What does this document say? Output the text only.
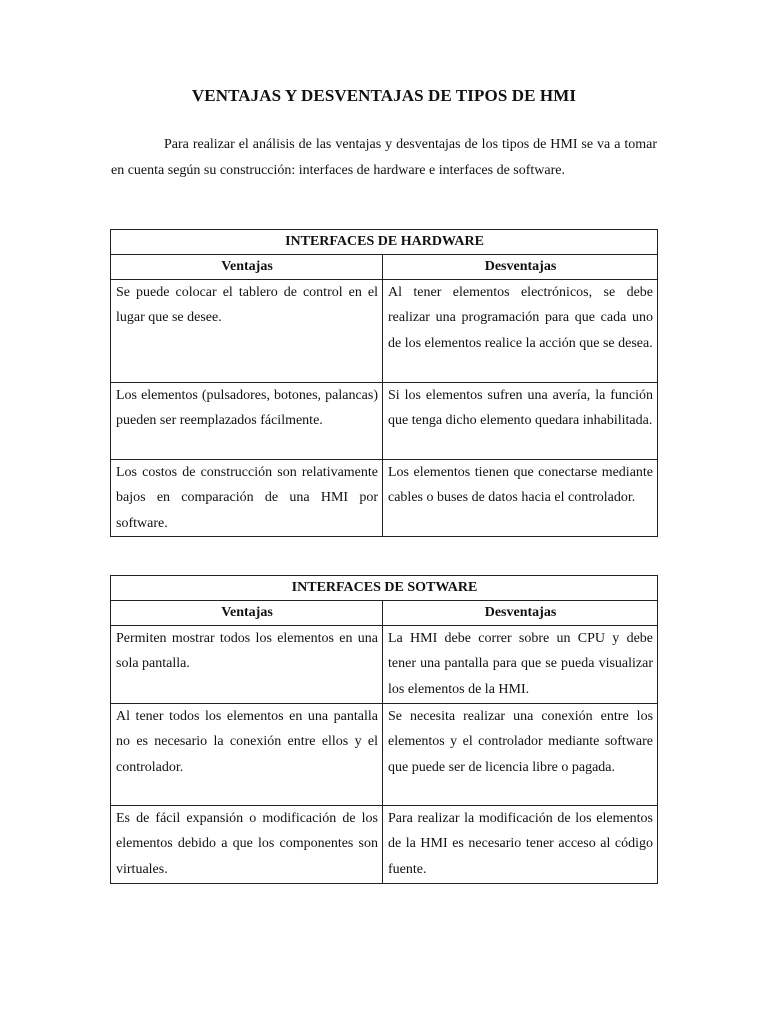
VENTAJAS Y DESVENTAJAS DE TIPOS DE HMI

Para realizar el análisis de las ventajas y desventajas de los tipos de HMI se va a tomar en cuenta según su construcción: interfaces de hardware e interfaces de software.

INTERFACES DE HARDWARE	
Ventajas	Desventajas
Se puede colocar el tablero de control en el lugar que se desee.	Al tener elementos electrónicos, se debe realizar una programación para que cada uno de los elementos realice la acción que se desea.
Los elementos (pulsadores, botones, palancas) pueden ser reemplazados fácilmente.	Si los elementos sufren una avería, la función que tenga dicho elemento quedara inhabilitada.
Los costos de construcción son relativamente bajos en comparación de una HMI por software.	Los elementos tienen que conectarse mediante cables o buses de datos hacia el controlador.
INTERFACES DE SOTWARE	
Ventajas	Desventajas
Permiten mostrar todos los elementos en una sola pantalla.	La HMI debe correr sobre un CPU y debe tener una pantalla para que se pueda visualizar los elementos de la HMI.
Al tener todos los elementos en una pantalla no es necesario la conexión entre ellos y el controlador.	Se necesita realizar una conexión entre los elementos y el controlador mediante software que puede ser de licencia libre o pagada.
Es de fácil expansión o modificación de los elementos debido a que los componentes son virtuales.	Para realizar la modificación de los elementos de la HMI es necesario tener acceso al código fuente.
